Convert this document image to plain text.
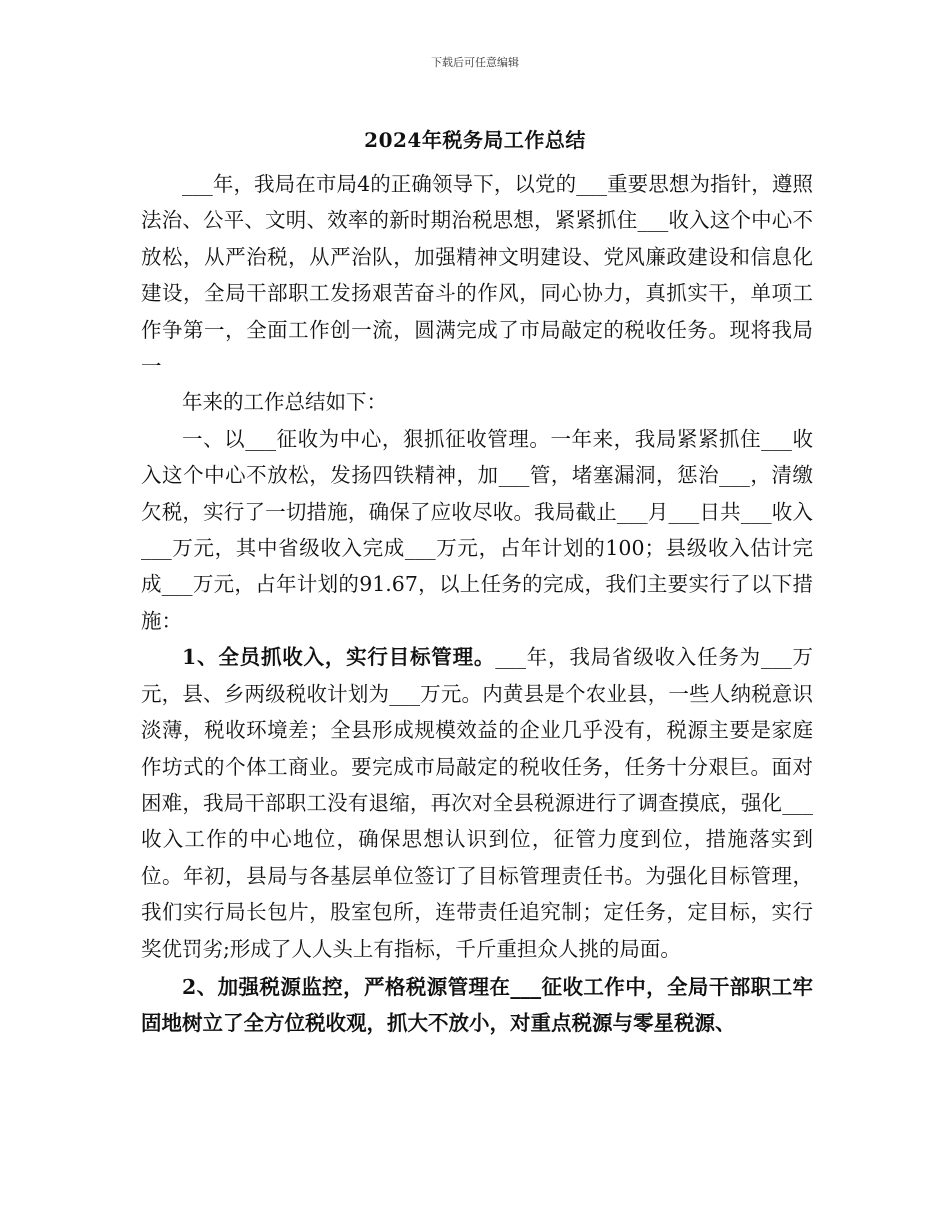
下载后可任意编辑
2024年税务局工作总结

___年，我局在市局4的正确领导下，以党的___重要思想为指针，遵照法治、公平、文明、效率的新时期治税思想，紧紧抓住___收入这个中心不放松，从严治税，从严治队，加强精神文明建设、党风廉政建设和信息化建设，全局干部职工发扬艰苦奋斗的作风，同心协力，真抓实干，单项工作争第一，全面工作创一流，圆满完成了市局敲定的税收任务。现将我局一

年来的工作总结如下：

一、以___征收为中心，狠抓征收管理。一年来，我局紧紧抓住___收入这个中心不放松，发扬四铁精神，加___管，堵塞漏洞，惩治___，清缴欠税，实行了一切措施，确保了应收尽收。我局截止___月___日共___收入___万元，其中省级收入完成___万元，占年计划的100；县级收入估计完成___万元，占年计划的91.67，以上任务的完成，我们主要实行了以下措施：

1、全员抓收入，实行目标管理。___年，我局省级收入任务为___万元，县、乡两级税收计划为___万元。内黄县是个农业县，一些人纳税意识淡薄，税收环境差；全县形成规模效益的企业几乎没有，税源主要是家庭作坊式的个体工商业。要完成市局敲定的税收任务，任务十分艰巨。面对困难，我局干部职工没有退缩，再次对全县税源进行了调查摸底，强化___收入工作的中心地位，确保思想认识到位，征管力度到位，措施落实到位。年初，县局与各基层单位签订了目标管理责任书。为强化目标管理，我们实行局长包片，股室包所，连带责任追究制；定任务，定目标，实行奖优罚劣;形成了人人头上有指标，千斤重担众人挑的局面。

2、加强税源监控，严格税源管理在___征收工作中，全局干部职工牢固地树立了全方位税收观，抓大不放小，对重点税源与零星税源、
